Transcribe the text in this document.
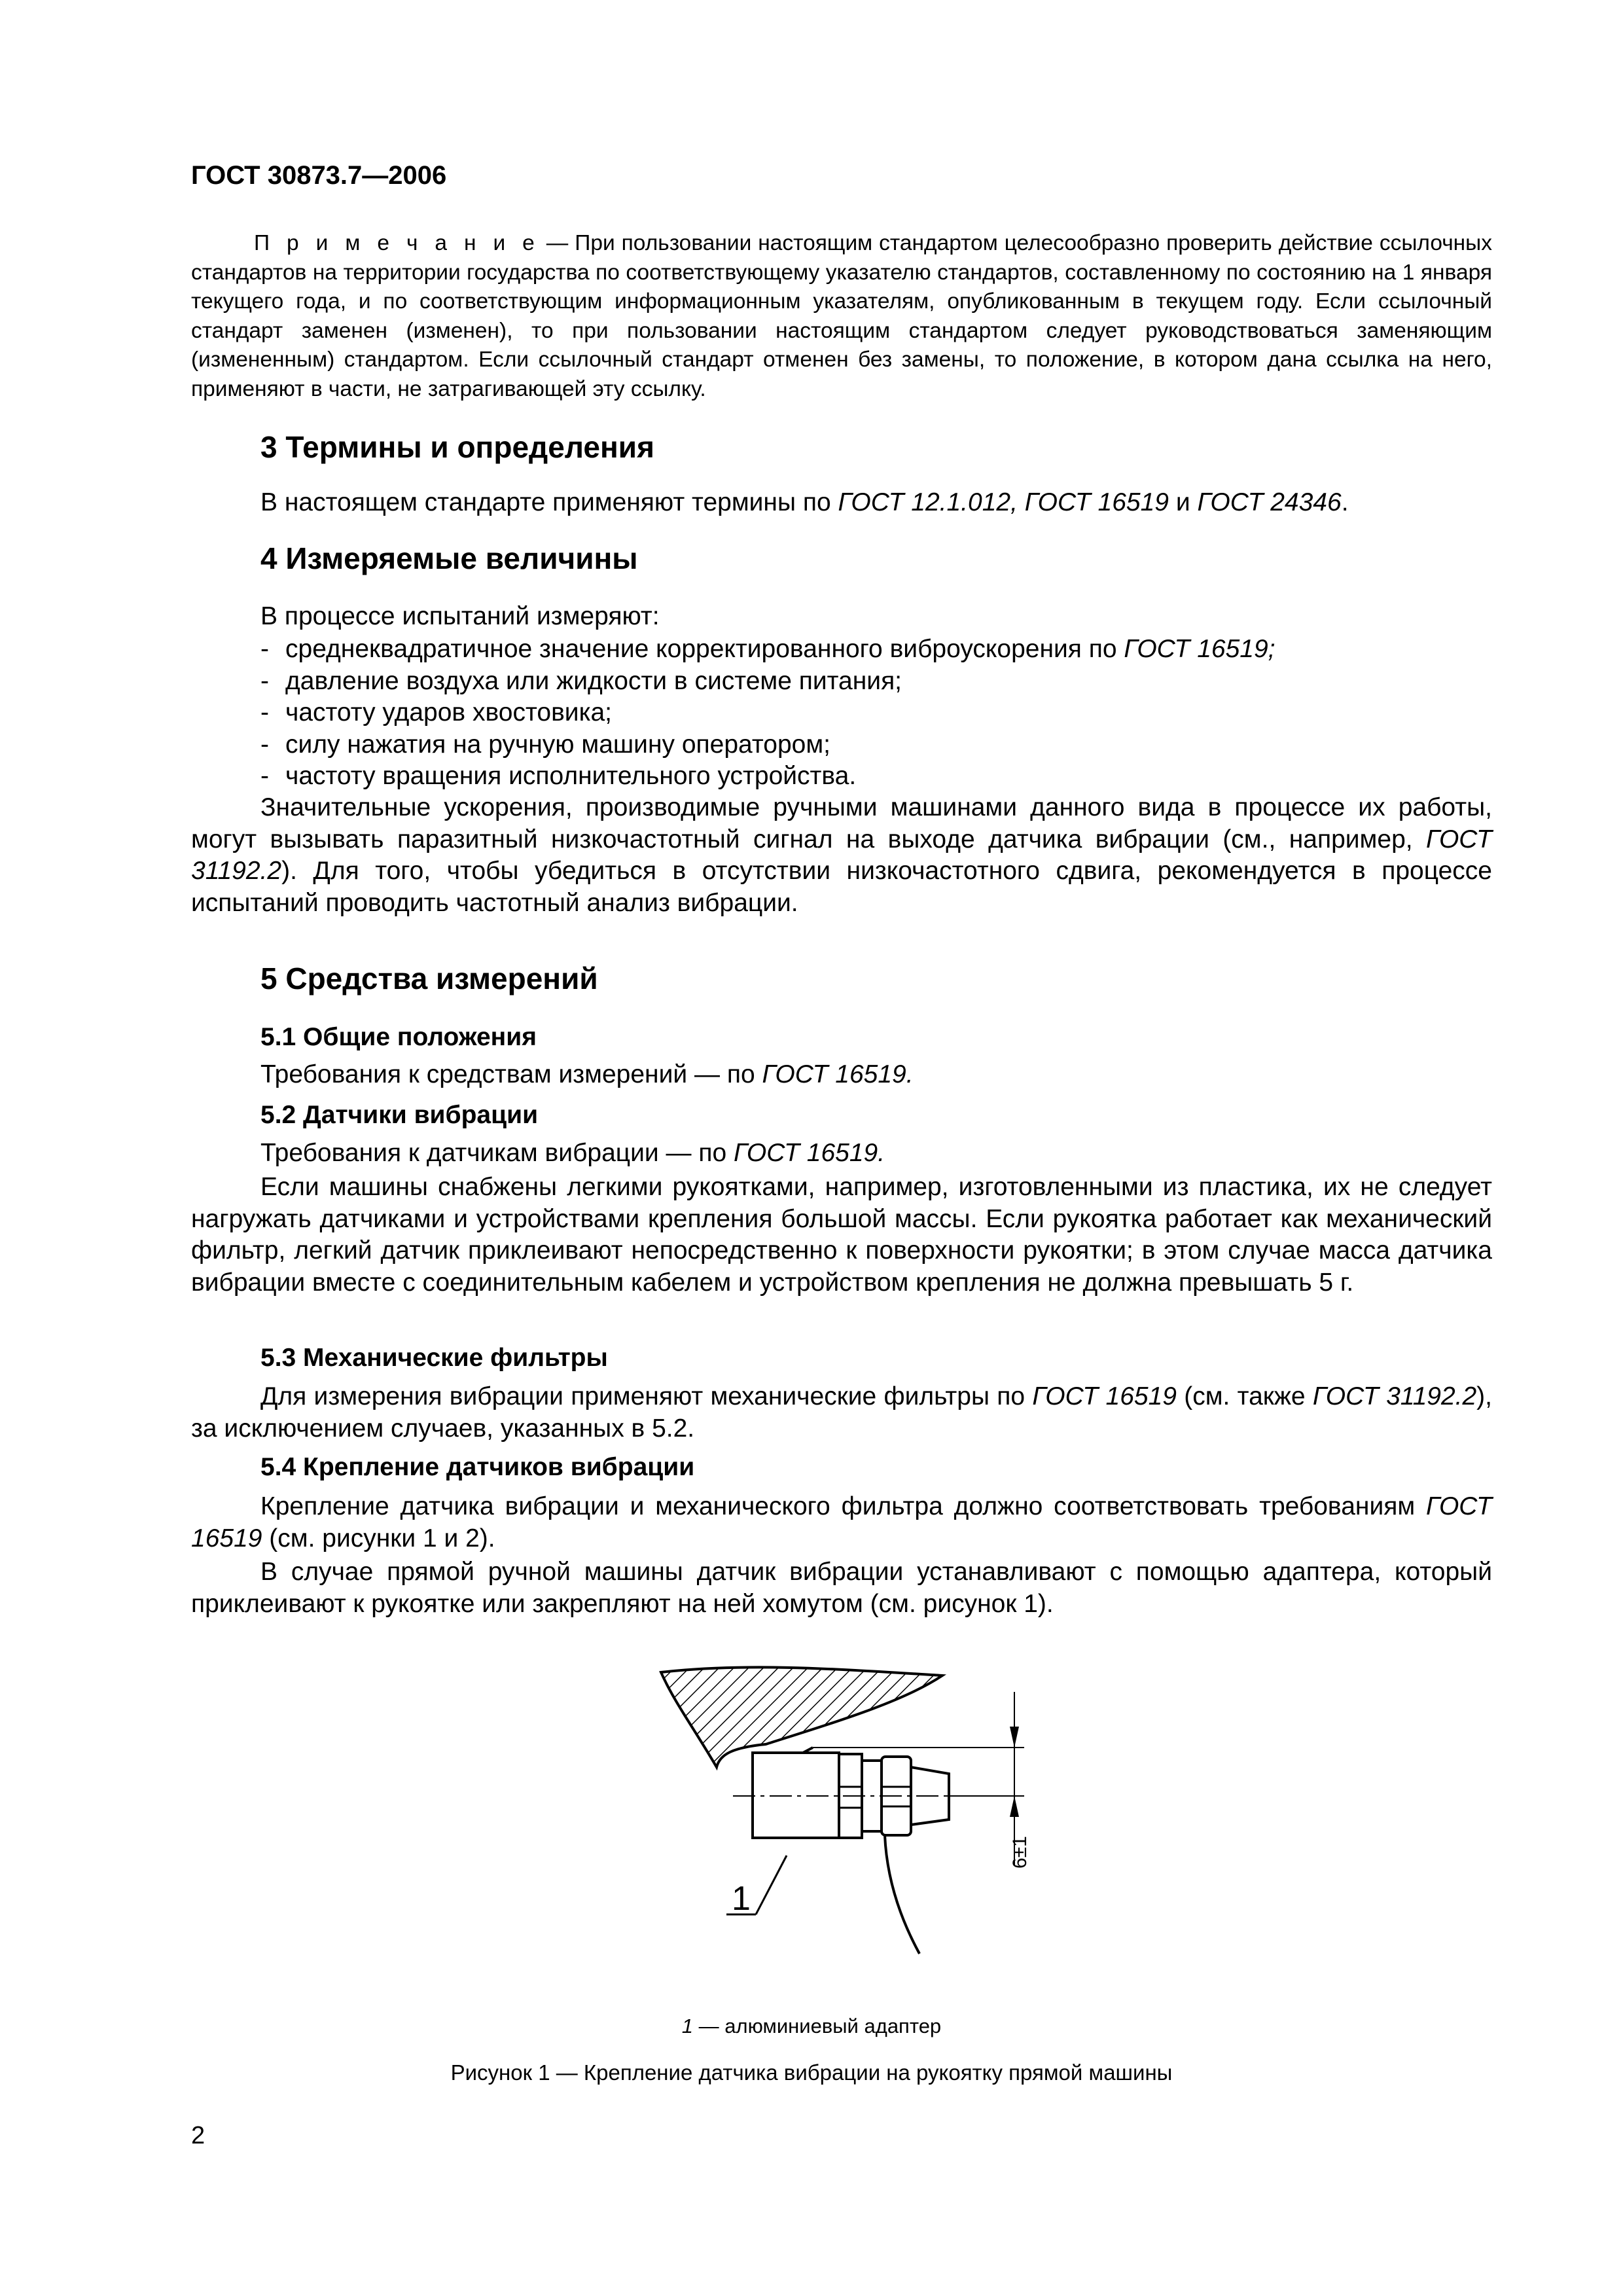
ГОСТ 30873.7—2006

П р и м е ч а н и е — При пользовании настоящим стандартом целесообразно проверить действие ссылочных стандартов на территории государства по соответствующему указателю стандартов, составленному по состоянию на 1 января текущего года, и по соответствующим информационным указателям, опубликованным в текущем году. Если ссылочный стандарт заменен (изменен), то при пользовании настоящим стандартом следует руководствоваться заменяющим (измененным) стандартом. Если ссылочный стандарт отменен без замены, то положение, в котором дана ссылка на него, применяют в части, не затрагивающей эту ссылку.

3 Термины и определения

В настоящем стандарте применяют термины по ГОСТ 12.1.012, ГОСТ 16519 и ГОСТ 24346.

4 Измеряемые величины

В процессе испытаний измеряют:

- среднеквадратичное значение корректированного виброускорения по ГОСТ 16519;
- давление воздуха или жидкости в системе питания;
- частоту ударов хвостовика;
- силу нажатия на ручную машину оператором;
- частоту вращения исполнительного устройства.

Значительные ускорения, производимые ручными машинами данного вида в процессе их работы, могут вызывать паразитный низкочастотный сигнал на выходе датчика вибрации (см., например, ГОСТ 31192.2). Для того, чтобы убедиться в отсутствии низкочастотного сдвига, рекомендуется в процессе испытаний проводить частотный анализ вибрации.

5 Средства измерений
5.1 Общие положения

Требования к средствам измерений — по ГОСТ 16519.

5.2 Датчики вибрации

Требования к датчикам вибрации — по ГОСТ 16519.

Если машины снабжены легкими рукоятками, например, изготовленными из пластика, их не следует нагружать датчиками и устройствами крепления большой массы. Если рукоятка работает как механический фильтр, легкий датчик приклеивают непосредственно к поверхности рукоятки; в этом случае масса датчика вибрации вместе с соединительным кабелем и устройством крепления не должна превышать 5 г.

5.3 Механические фильтры

Для измерения вибрации применяют механические фильтры по ГОСТ 16519 (см. также ГОСТ 31192.2), за исключением случаев, указанных в 5.2.

5.4 Крепление датчиков вибрации

Крепление датчика вибрации и механического фильтра должно соответствовать требованиям ГОСТ 16519 (см. рисунки 1 и 2).

В случае прямой ручной машины датчик вибрации устанавливают с помощью адаптера, который приклеивают к рукоятке или закрепляют на ней хомутом (см. рисунок 1).

6±1
1

1 — алюминиевый адаптер

Рисунок 1 — Крепление датчика вибрации на рукоятку прямой машины

2
